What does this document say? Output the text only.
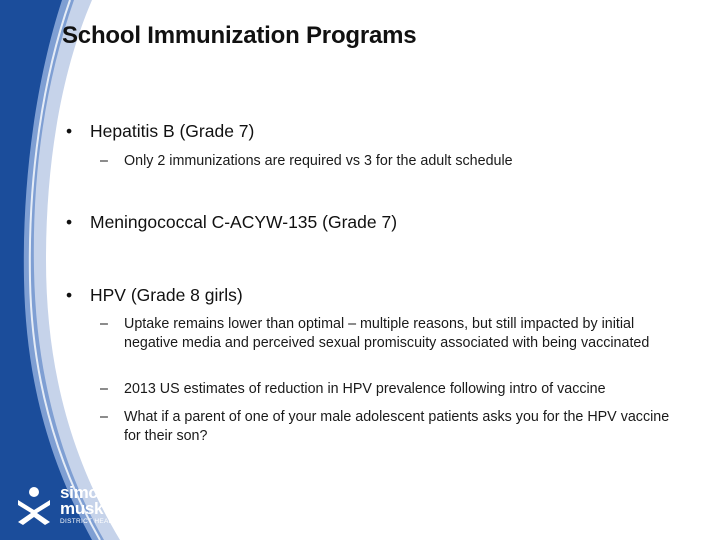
School Immunization Programs
•	Hepatitis B (Grade 7)
–	Only 2 immunizations are required vs 3 for the adult schedule
•	Meningococcal C-ACYW-135 (Grade 7)
•	HPV (Grade 8 girls)
–	Uptake remains lower than optimal – multiple reasons, but still impacted by initial negative media and perceived sexual promiscuity associated with being vaccinated
–	2013 US estimates of reduction in HPV prevalence following intro of vaccine
–	What if a parent of one of your male adolescent patients asks you for the HPV vaccine for their son?
simcoe
muskoka
DISTRICT HEALTH UNIT
